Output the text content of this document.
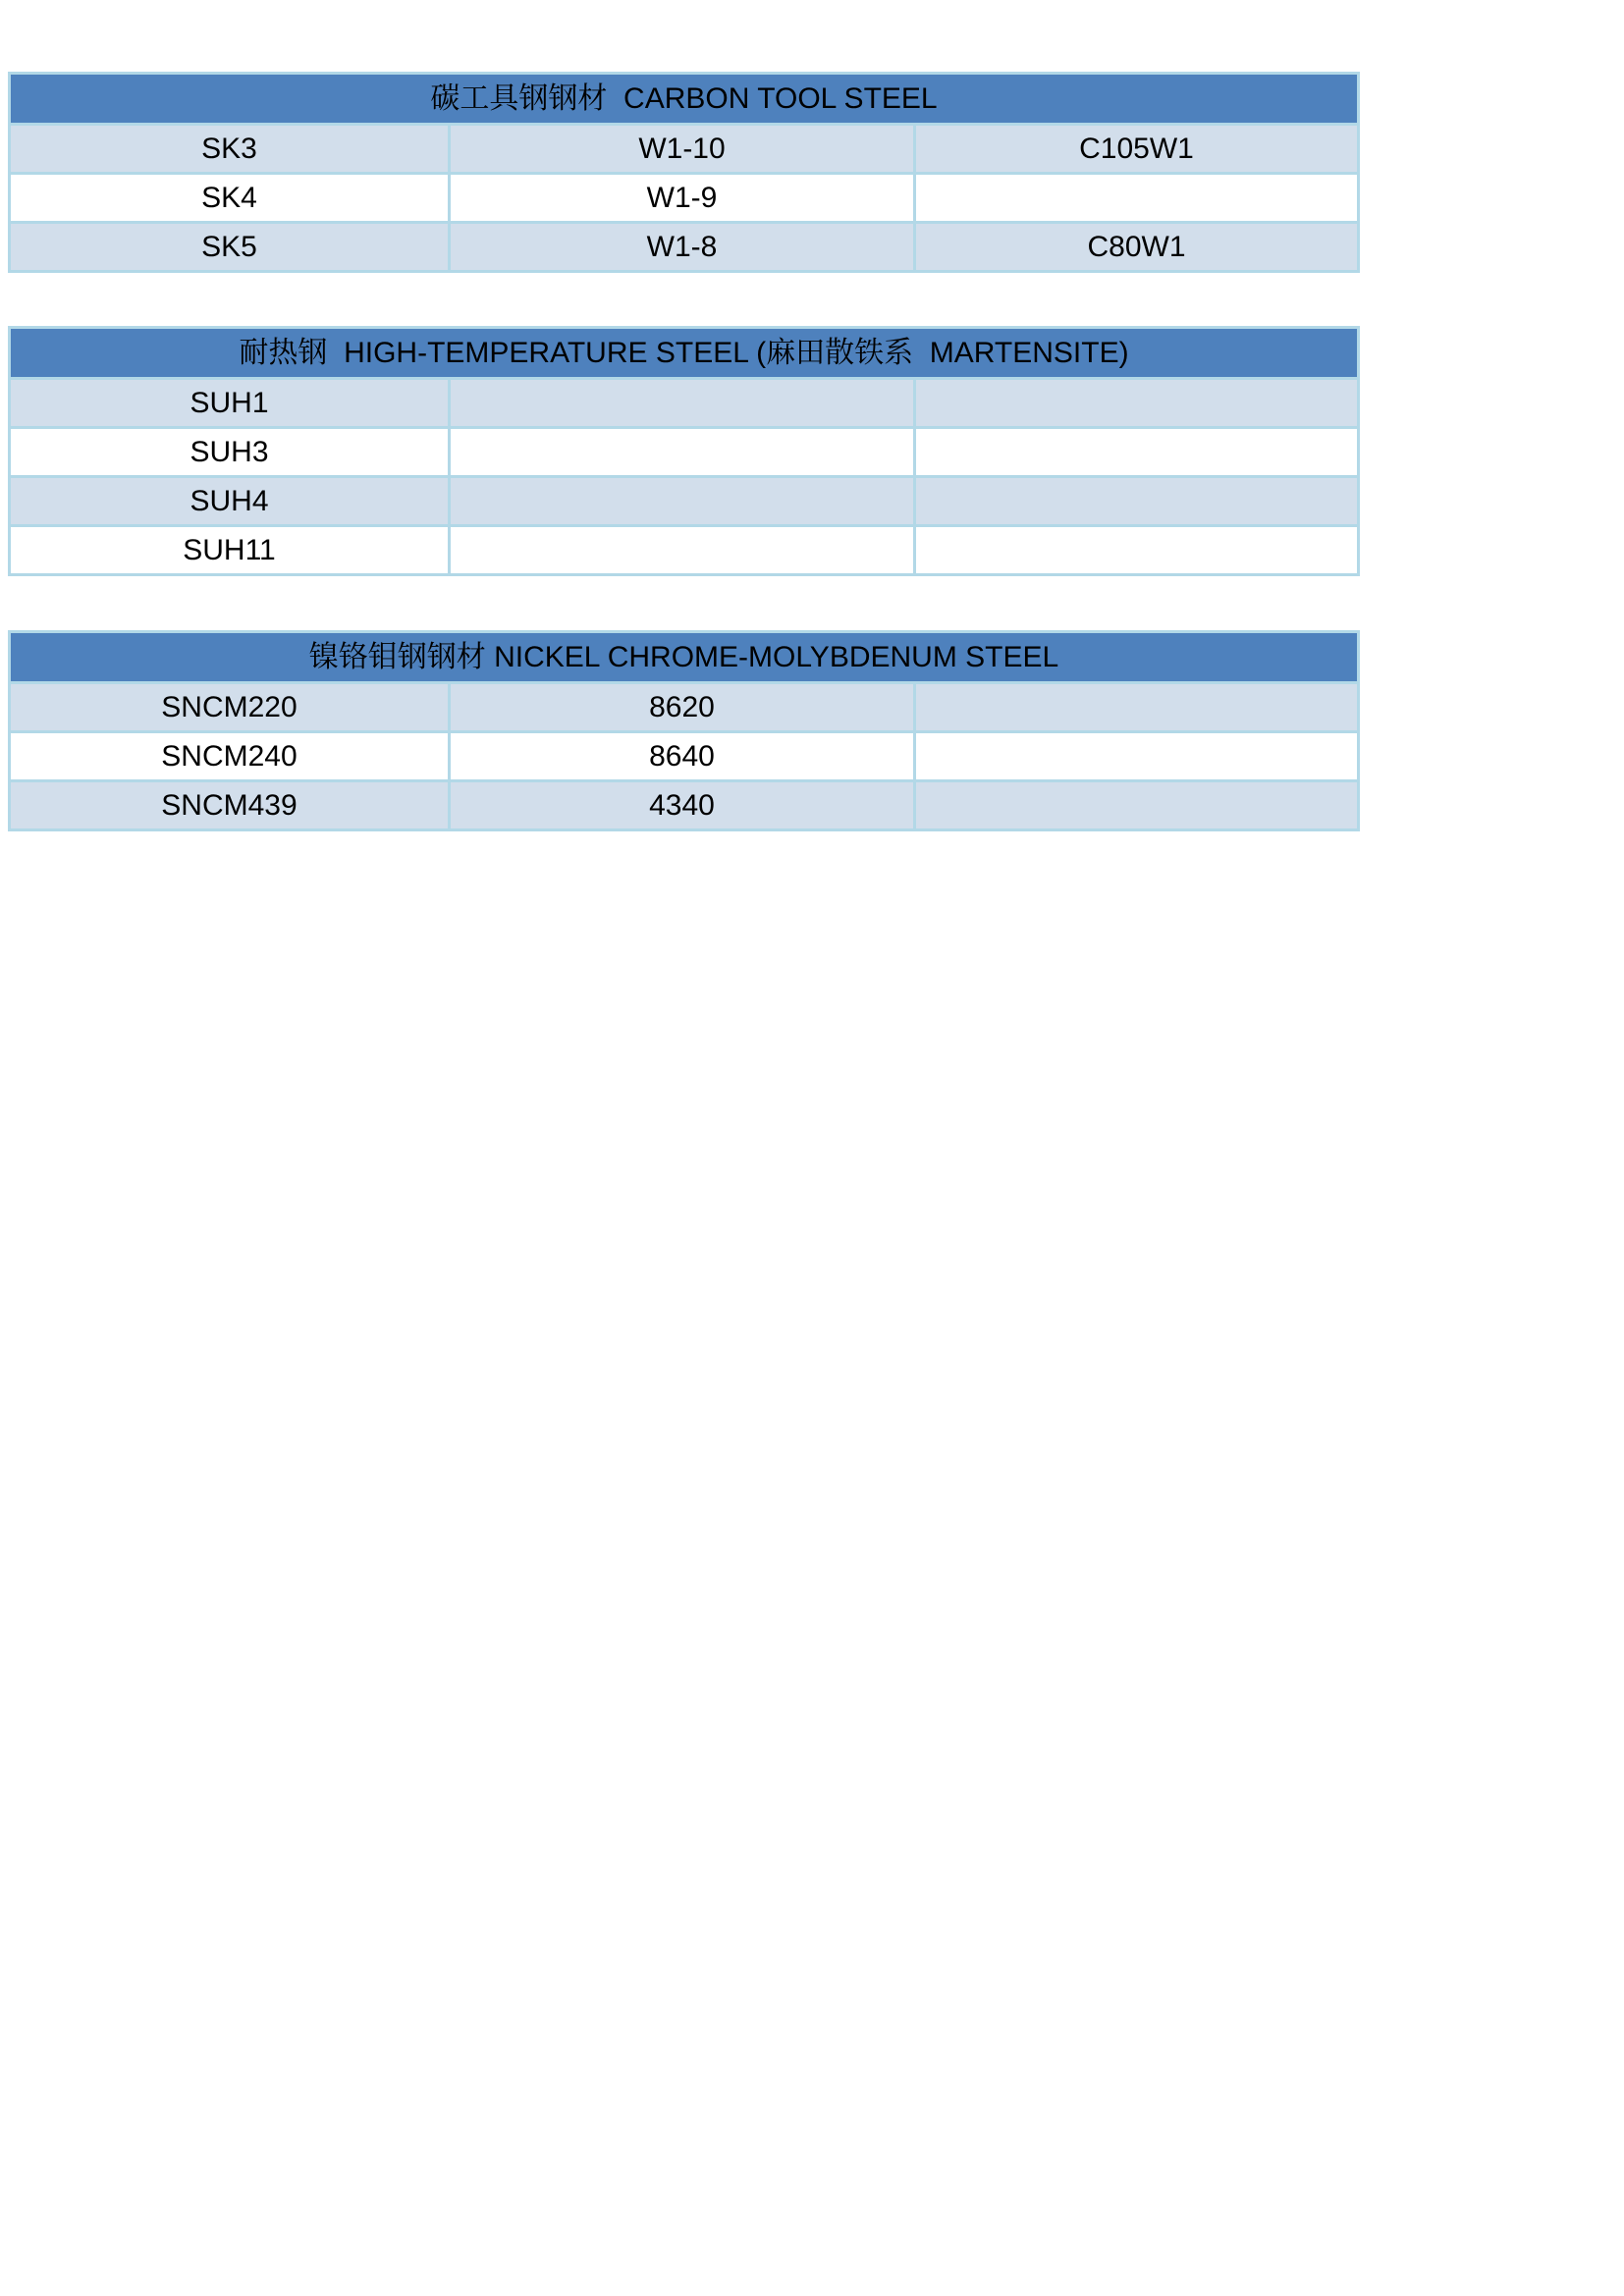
碳工具钢钢材  CARBON TOOL STEEL
SK3	W1-10	C105W1
SK4	W1-9
SK5	W1-8	C80W1
耐热钢  HIGH-TEMPERATURE STEEL (麻田散铁系  MARTENSITE)
SUH1
SUH3
SUH4
SUH11
镍铬钼钢钢材 NICKEL CHROME-MOLYBDENUM STEEL
SNCM220	8620
SNCM240	8640
SNCM439	4340
